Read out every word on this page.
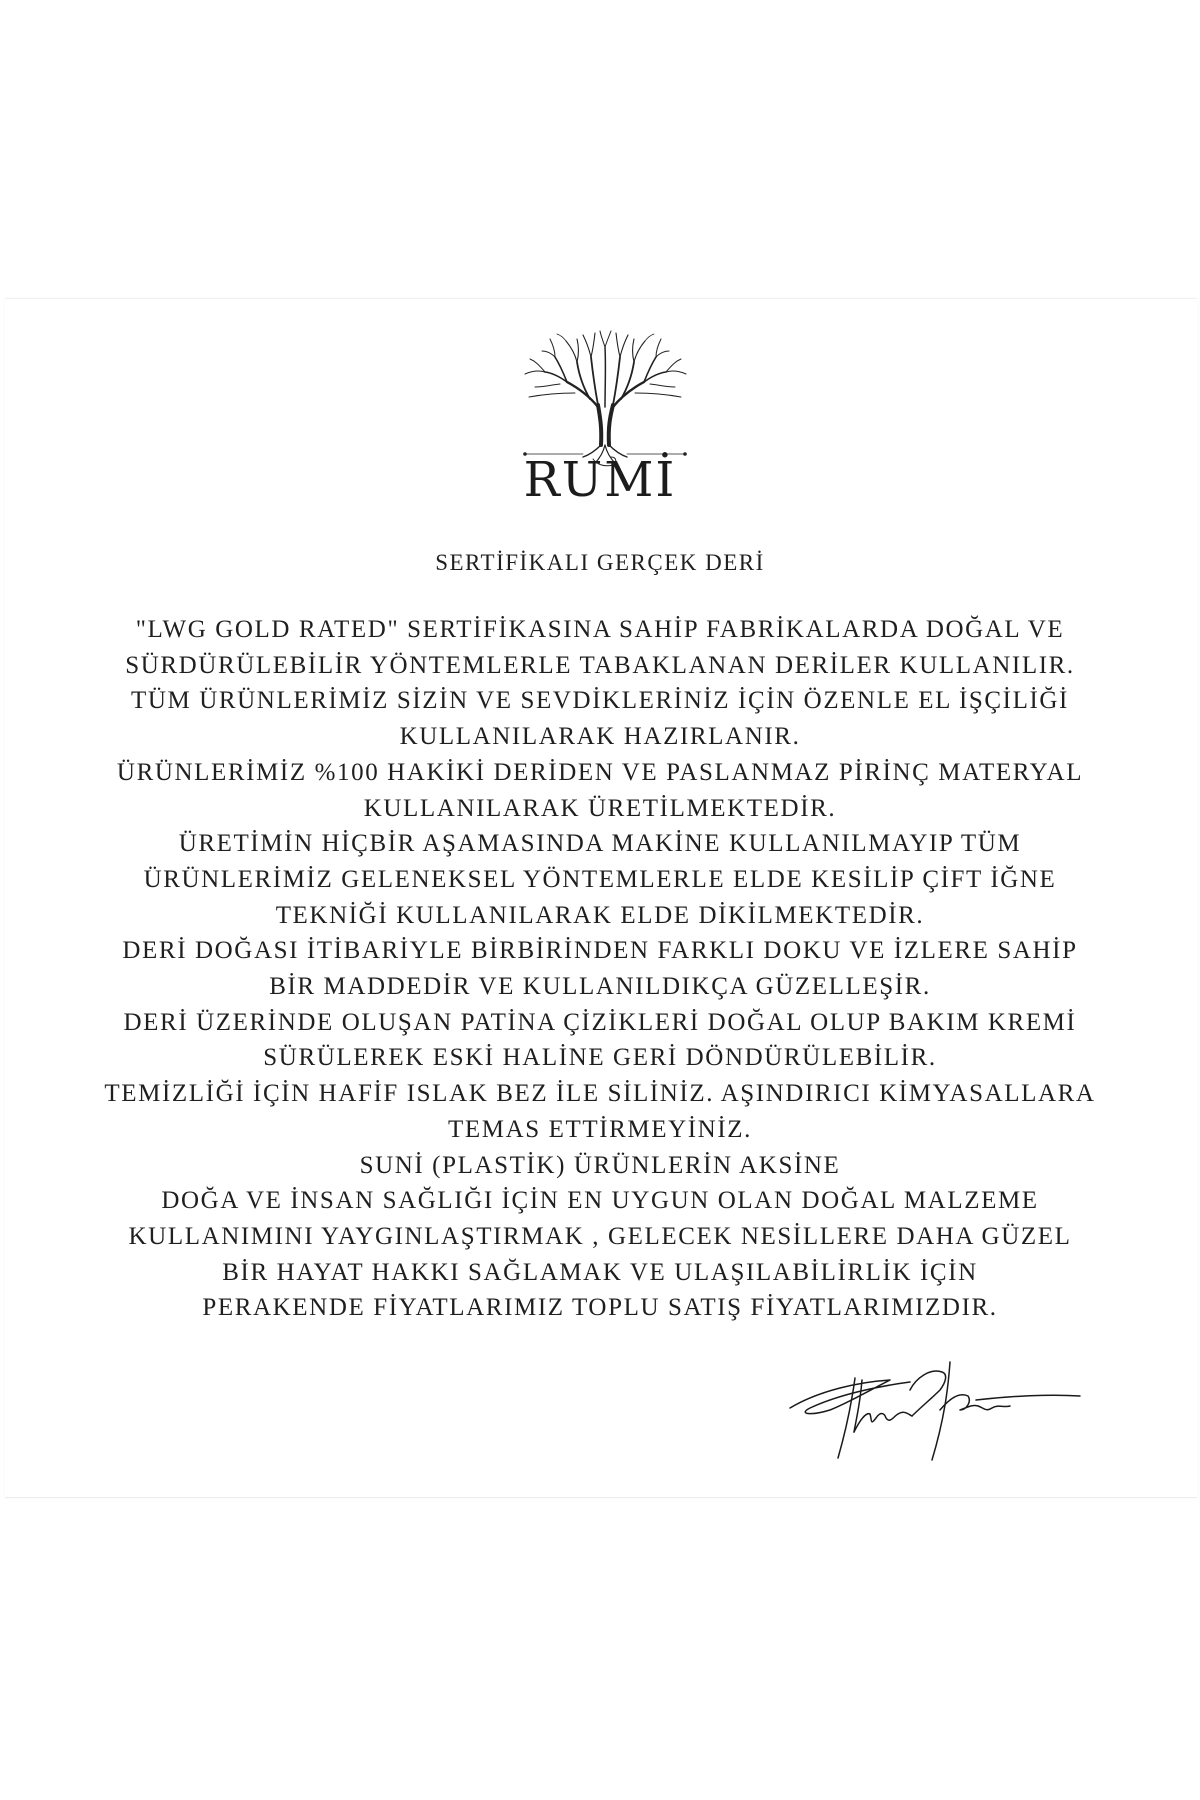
RUMİ
SERTİFİKALI GERÇEK DERİ
"LWG GOLD RATED" SERTİFİKASINA SAHİP FABRİKALARDA DOĞAL VE
SÜRDÜRÜLEBİLİR YÖNTEMLERLE TABAKLANAN DERİLER KULLANILIR.
TÜM ÜRÜNLERİMİZ SİZİN VE SEVDİKLERİNİZ İÇİN ÖZENLE EL İŞÇİLİĞİ
KULLANILARAK HAZIRLANIR.
ÜRÜNLERİMİZ %100 HAKİKİ DERİDEN VE PASLANMAZ PİRİNÇ MATERYAL
KULLANILARAK ÜRETİLMEKTEDİR.
ÜRETİMİN HİÇBİR AŞAMASINDA MAKİNE KULLANILMAYIP TÜM
ÜRÜNLERİMİZ GELENEKSEL YÖNTEMLERLE ELDE KESİLİP ÇİFT İĞNE
TEKNİĞİ KULLANILARAK ELDE DİKİLMEKTEDİR.
DERİ DOĞASI İTİBARİYLE BİRBİRİNDEN FARKLI DOKU VE İZLERE SAHİP
BİR MADDEDİR VE KULLANILDIKÇA GÜZELLEŞİR.
DERİ ÜZERİNDE OLUŞAN PATİNA ÇİZİKLERİ DOĞAL OLUP BAKIM KREMİ
SÜRÜLEREK ESKİ HALİNE GERİ DÖNDÜRÜLEBİLİR.
TEMİZLİĞİ İÇİN HAFİF ISLAK BEZ İLE SİLİNİZ. AŞINDIRICI KİMYASALLARA
TEMAS ETTİRMEYİNİZ.
SUNİ (PLASTİK) ÜRÜNLERİN AKSİNE
DOĞA VE İNSAN SAĞLIĞI İÇİN EN UYGUN OLAN DOĞAL MALZEME
KULLANIMINI YAYGINLAŞTIRMAK , GELECEK NESİLLERE DAHA GÜZEL
BİR HAYAT HAKKI SAĞLAMAK VE ULAŞILABİLİRLİK İÇİN
PERAKENDE FİYATLARIMIZ TOPLU SATIŞ FİYATLARIMIZDIR.
